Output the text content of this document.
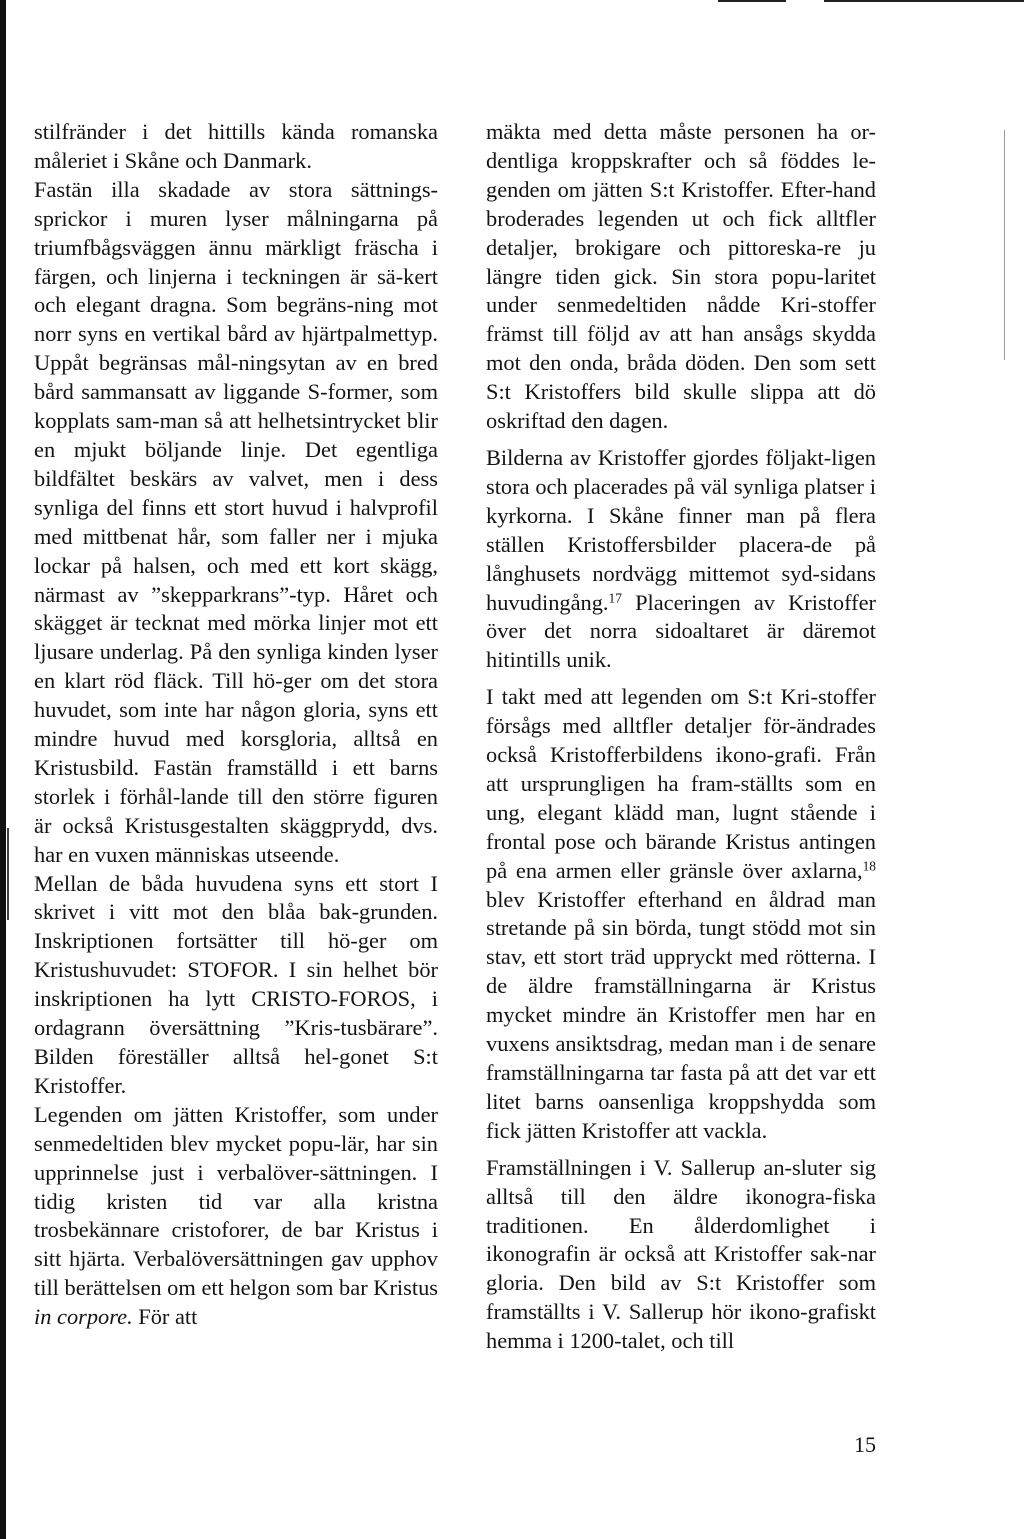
stilfränder i det hittills kända romanska måleriet i Skåne och Danmark.

Fastän illa skadade av stora sättnings-sprickor i muren lyser målningarna på triumfbågsväggen ännu märkligt fräscha i färgen, och linjerna i teckningen är sä-kert och elegant dragna. Som begräns-ning mot norr syns en vertikal bård av hjärtpalmettyp. Uppåt begränsas mål-ningsytan av en bred bård sammansatt av liggande S-former, som kopplats sam-man så att helhetsintrycket blir en mjukt böljande linje. Det egentliga bildfältet beskärs av valvet, men i dess synliga del finns ett stort huvud i halvprofil med mittbenat hår, som faller ner i mjuka lockar på halsen, och med ett kort skägg, närmast av ”skepparkrans”-typ. Håret och skägget är tecknat med mörka linjer mot ett ljusare underlag. På den synliga kinden lyser en klart röd fläck. Till hö-ger om det stora huvudet, som inte har någon gloria, syns ett mindre huvud med korsgloria, alltså en Kristusbild. Fastän framställd i ett barns storlek i förhål-lande till den större figuren är också Kristusgestalten skäggprydd, dvs. har en vuxen människas utseende.

Mellan de båda huvudena syns ett stort I skrivet i vitt mot den blåa bak-grunden. Inskriptionen fortsätter till hö-ger om Kristushuvudet: STOFOR. I sin helhet bör inskriptionen ha lytt CRISTO-FOROS, i ordagrann översättning ”Kris-tusbärare”. Bilden föreställer alltså hel-gonet S:t Kristoffer.

Legenden om jätten Kristoffer, som under senmedeltiden blev mycket popu-lär, har sin upprinnelse just i verbalöver-sättningen. I tidig kristen tid var alla kristna trosbekännare cristoforer, de bar Kristus i sitt hjärta. Verbalöversättningen gav upphov till berättelsen om ett helgon som bar Kristus in corpore. För att

mäkta med detta måste personen ha or-dentliga kroppskrafter och så föddes le-genden om jätten S:t Kristoffer. Efter-hand broderades legenden ut och fick alltfler detaljer, brokigare och pittoreska-re ju längre tiden gick. Sin stora popu-laritet under senmedeltiden nådde Kri-stoffer främst till följd av att han ansågs skydda mot den onda, bråda döden. Den som sett S:t Kristoffers bild skulle slippa att dö oskriftad den dagen.

Bilderna av Kristoffer gjordes följakt-ligen stora och placerades på väl synliga platser i kyrkorna. I Skåne finner man på flera ställen Kristoffersbilder placera-de på långhusets nordvägg mittemot syd-sidans huvudingång.$^{17}$ Placeringen av Kristoffer över det norra sidoaltaret är däremot hitintills unik.

I takt med att legenden om S:t Kri-stoffer försågs med alltfler detaljer för-ändrades också Kristofferbildens ikono-grafi. Från att ursprungligen ha fram-ställts som en ung, elegant klädd man, lugnt stående i frontal pose och bärande Kristus antingen på ena armen eller gränsle över axlarna,$^{18}$ blev Kristoffer efterhand en åldrad man stretande på sin börda, tungt stödd mot sin stav, ett stort träd uppryckt med rötterna. I de äldre framställningarna är Kristus mycket mindre än Kristoffer men har en vuxens ansiktsdrag, medan man i de senare framställningarna tar fasta på att det var ett litet barns oansenliga kroppshydda som fick jätten Kristoffer att vackla.

Framställningen i V. Sallerup an-sluter sig alltså till den äldre ikonogra-fiska traditionen. En ålderdomlighet i ikonografin är också att Kristoffer sak-nar gloria. Den bild av S:t Kristoffer som framställts i V. Sallerup hör ikono-grafiskt hemma i 1200-talet, och till

15
